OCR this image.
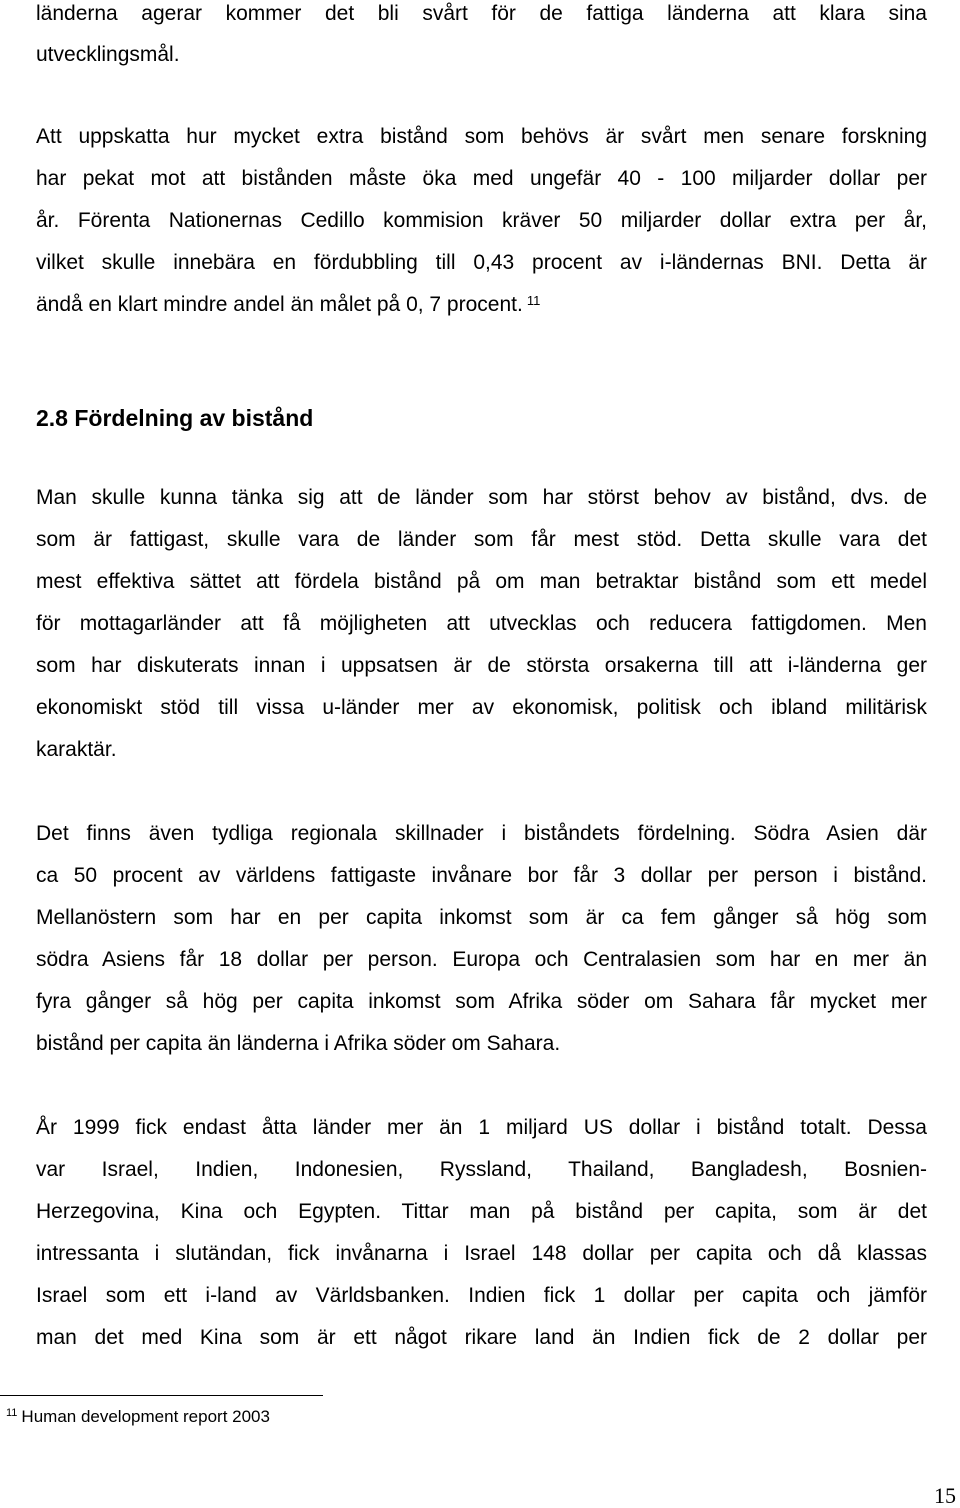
länderna agerar kommer det bli svårt för de fattiga länderna att klara sina
utvecklingsmål.
Att uppskatta hur mycket extra bistånd som behövs är svårt men senare forskning
har pekat mot att bistånden måste öka med ungefär 40 - 100 miljarder dollar per
år. Förenta Nationernas Cedillo kommision kräver 50 miljarder dollar extra per år,
vilket skulle innebära en fördubbling till 0,43 procent av i-ländernas BNI. Detta är
ändå en klart mindre andel än målet på 0, 7 procent. $^{11}$
2.8 Fördelning av bistånd
Man skulle kunna tänka sig att de länder som har störst behov av bistånd, dvs. de
som är fattigast, skulle vara de länder som får mest stöd. Detta skulle vara det
mest effektiva sättet att fördela bistånd på om man betraktar bistånd som ett medel
för mottagarländer att få möjligheten att utvecklas och reducera fattigdomen. Men
som har diskuterats innan i uppsatsen är de största orsakerna till att i-länderna ger
ekonomiskt stöd till vissa u-länder mer av ekonomisk, politisk och ibland militärisk
karaktär.
Det finns även tydliga regionala skillnader i biståndets fördelning. Södra Asien där
ca 50 procent av världens fattigaste invånare bor får 3 dollar per person i bistånd.
Mellanöstern som har en per capita inkomst som är ca fem gånger så hög som
södra Asiens får 18 dollar per person. Europa och Centralasien som har en mer än
fyra gånger så hög per capita inkomst som Afrika söder om Sahara får mycket mer
bistånd per capita än länderna i Afrika söder om Sahara.
År 1999 fick endast åtta länder mer än 1 miljard US dollar i bistånd totalt. Dessa
var Israel, Indien, Indonesien, Ryssland, Thailand, Bangladesh, Bosnien-
Herzegovina, Kina och Egypten. Tittar man på bistånd per capita, som är det
intressanta i slutändan, fick invånarna i Israel 148 dollar per capita och då klassas
Israel som ett i-land av Världsbanken. Indien fick 1 dollar per capita och jämför
man det med Kina som är ett något rikare land än Indien fick de 2 dollar per
$^{11}$ Human development report 2003
15
